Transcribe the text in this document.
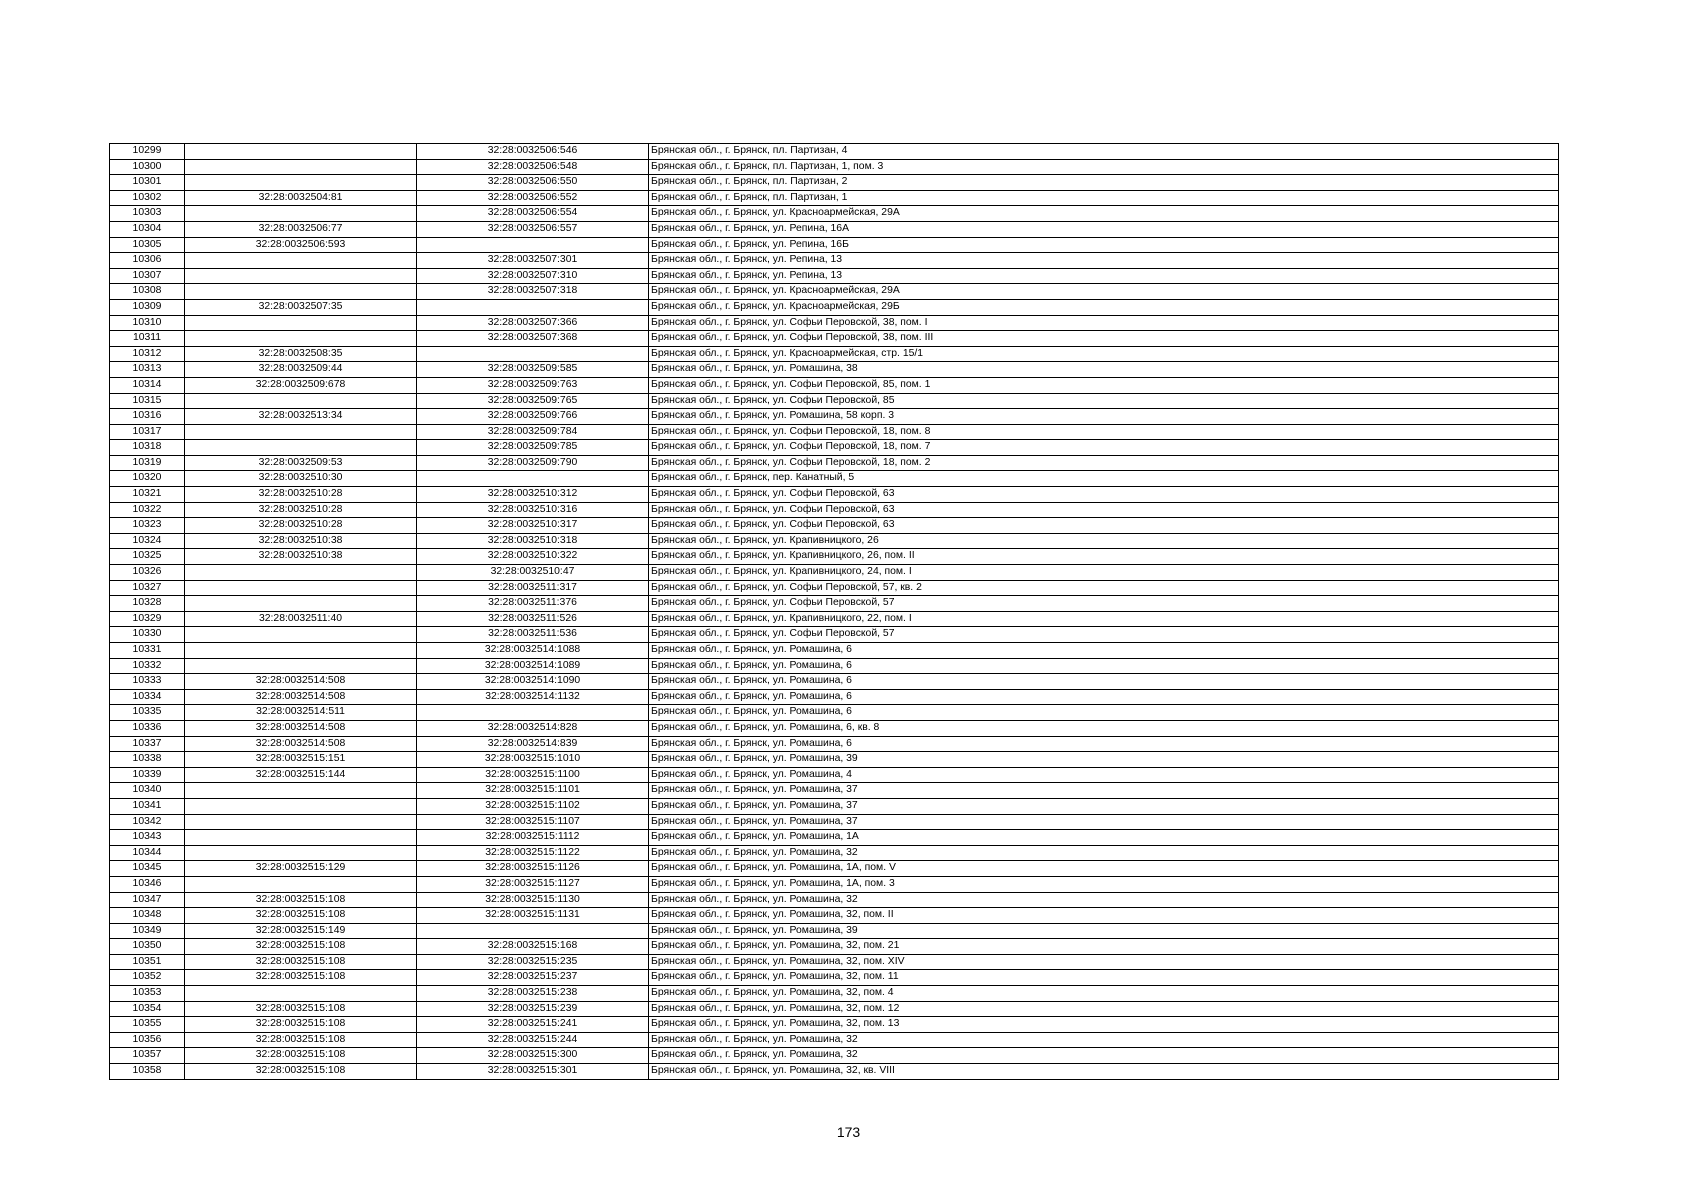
10299		32:28:0032506:546	Брянская обл., г. Брянск, пл. Партизан, 4
10300		32:28:0032506:548	Брянская обл., г. Брянск, пл. Партизан, 1, пом. 3
10301		32:28:0032506:550	Брянская обл., г. Брянск, пл. Партизан, 2
10302	32:28:0032504:81	32:28:0032506:552	Брянская обл., г. Брянск, пл. Партизан, 1
10303		32:28:0032506:554	Брянская обл., г. Брянск, ул. Красноармейская, 29А
10304	32:28:0032506:77	32:28:0032506:557	Брянская обл., г. Брянск, ул. Репина, 16А
10305	32:28:0032506:593		Брянская обл., г. Брянск, ул. Репина, 16Б
10306		32:28:0032507:301	Брянская обл., г. Брянск, ул. Репина, 13
10307		32:28:0032507:310	Брянская обл., г. Брянск, ул. Репина, 13
10308		32:28:0032507:318	Брянская обл., г. Брянск, ул. Красноармейская, 29А
10309	32:28:0032507:35		Брянская обл., г. Брянск, ул. Красноармейская, 29Б
10310		32:28:0032507:366	Брянская обл., г. Брянск, ул. Софьи Перовской, 38, пом. I
10311		32:28:0032507:368	Брянская обл., г. Брянск, ул. Софьи Перовской, 38, пом. III
10312	32:28:0032508:35		Брянская обл., г. Брянск, ул. Красноармейская, стр. 15/1
10313	32:28:0032509:44	32:28:0032509:585	Брянская обл., г. Брянск, ул. Ромашина, 38
10314	32:28:0032509:678	32:28:0032509:763	Брянская обл., г. Брянск, ул. Софьи Перовской, 85, пом. 1
10315		32:28:0032509:765	Брянская обл., г. Брянск, ул. Софьи Перовской, 85
10316	32:28:0032513:34	32:28:0032509:766	Брянская обл., г. Брянск, ул. Ромашина, 58 корп. 3
10317		32:28:0032509:784	Брянская обл., г. Брянск, ул. Софьи Перовской, 18, пом. 8
10318		32:28:0032509:785	Брянская обл., г. Брянск, ул. Софьи Перовской, 18, пом. 7
10319	32:28:0032509:53	32:28:0032509:790	Брянская обл., г. Брянск, ул. Софьи Перовской, 18, пом. 2
10320	32:28:0032510:30		Брянская обл., г. Брянск, пер. Канатный, 5
10321	32:28:0032510:28	32:28:0032510:312	Брянская обл., г. Брянск, ул. Софьи Перовской, 63
10322	32:28:0032510:28	32:28:0032510:316	Брянская обл., г. Брянск, ул. Софьи Перовской, 63
10323	32:28:0032510:28	32:28:0032510:317	Брянская обл., г. Брянск, ул. Софьи Перовской, 63
10324	32:28:0032510:38	32:28:0032510:318	Брянская обл., г. Брянск, ул. Крапивницкого, 26
10325	32:28:0032510:38	32:28:0032510:322	Брянская обл., г. Брянск, ул. Крапивницкого, 26, пом. II
10326		32:28:0032510:47	Брянская обл., г. Брянск, ул. Крапивницкого, 24, пом. I
10327		32:28:0032511:317	Брянская обл., г. Брянск, ул. Софьи Перовской, 57, кв. 2
10328		32:28:0032511:376	Брянская обл., г. Брянск, ул. Софьи Перовской, 57
10329	32:28:0032511:40	32:28:0032511:526	Брянская обл., г. Брянск, ул. Крапивницкого, 22, пом. I
10330		32:28:0032511:536	Брянская обл., г. Брянск, ул. Софьи Перовской, 57
10331		32:28:0032514:1088	Брянская обл., г. Брянск, ул. Ромашина, 6
10332		32:28:0032514:1089	Брянская обл., г. Брянск, ул. Ромашина, 6
10333	32:28:0032514:508	32:28:0032514:1090	Брянская обл., г. Брянск, ул. Ромашина, 6
10334	32:28:0032514:508	32:28:0032514:1132	Брянская обл., г. Брянск, ул. Ромашина, 6
10335	32:28:0032514:511		Брянская обл., г. Брянск, ул. Ромашина, 6
10336	32:28:0032514:508	32:28:0032514:828	Брянская обл., г. Брянск, ул. Ромашина, 6, кв. 8
10337	32:28:0032514:508	32:28:0032514:839	Брянская обл., г. Брянск, ул. Ромашина, 6
10338	32:28:0032515:151	32:28:0032515:1010	Брянская обл., г. Брянск, ул. Ромашина, 39
10339	32:28:0032515:144	32:28:0032515:1100	Брянская обл., г. Брянск, ул. Ромашина, 4
10340		32:28:0032515:1101	Брянская обл., г. Брянск, ул. Ромашина, 37
10341		32:28:0032515:1102	Брянская обл., г. Брянск, ул. Ромашина, 37
10342		32:28:0032515:1107	Брянская обл., г. Брянск, ул. Ромашина, 37
10343		32:28:0032515:1112	Брянская обл., г. Брянск, ул. Ромашина, 1А
10344		32:28:0032515:1122	Брянская обл., г. Брянск, ул. Ромашина, 32
10345	32:28:0032515:129	32:28:0032515:1126	Брянская обл., г. Брянск, ул. Ромашина, 1А, пом. V
10346		32:28:0032515:1127	Брянская обл., г. Брянск, ул. Ромашина, 1А, пом. 3
10347	32:28:0032515:108	32:28:0032515:1130	Брянская обл., г. Брянск, ул. Ромашина, 32
10348	32:28:0032515:108	32:28:0032515:1131	Брянская обл., г. Брянск, ул. Ромашина, 32, пом. II
10349	32:28:0032515:149		Брянская обл., г. Брянск, ул. Ромашина, 39
10350	32:28:0032515:108	32:28:0032515:168	Брянская обл., г. Брянск, ул. Ромашина, 32, пом. 21
10351	32:28:0032515:108	32:28:0032515:235	Брянская обл., г. Брянск, ул. Ромашина, 32, пом. XIV
10352	32:28:0032515:108	32:28:0032515:237	Брянская обл., г. Брянск, ул. Ромашина, 32, пом. 11
10353		32:28:0032515:238	Брянская обл., г. Брянск, ул. Ромашина, 32, пом. 4
10354	32:28:0032515:108	32:28:0032515:239	Брянская обл., г. Брянск, ул. Ромашина, 32, пом. 12
10355	32:28:0032515:108	32:28:0032515:241	Брянская обл., г. Брянск, ул. Ромашина, 32, пом. 13
10356	32:28:0032515:108	32:28:0032515:244	Брянская обл., г. Брянск, ул. Ромашина, 32
10357	32:28:0032515:108	32:28:0032515:300	Брянская обл., г. Брянск, ул. Ромашина, 32
10358	32:28:0032515:108	32:28:0032515:301	Брянская обл., г. Брянск, ул. Ромашина, 32, кв. VIII
173
